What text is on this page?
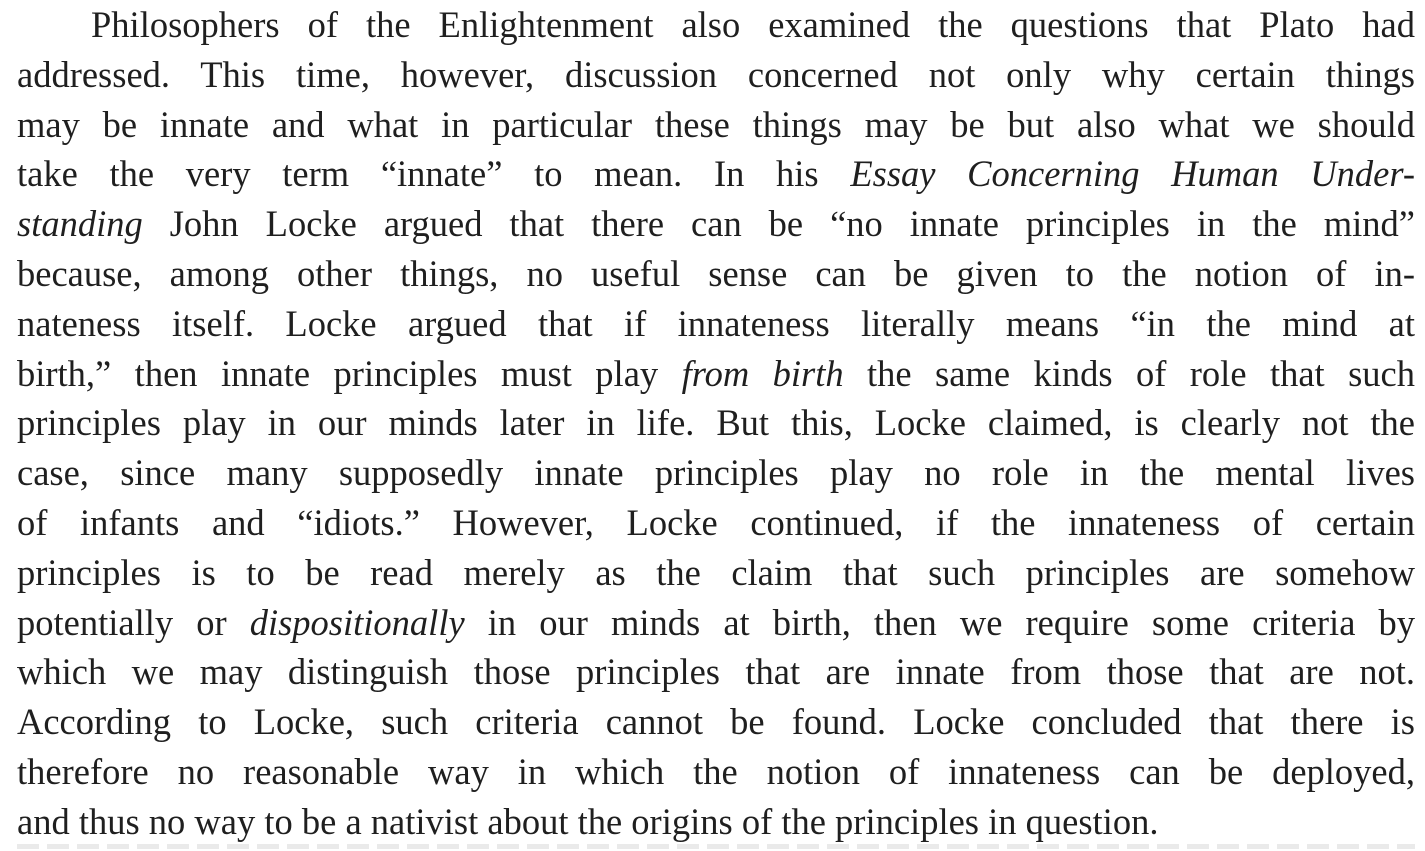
Philosophers of the Enlightenment also examined the questions that Plato had
addressed. This time, however, discussion concerned not only why certain things
may be innate and what in particular these things may be but also what we should
take the very term “innate” to mean. In his Essay Concerning Human Under-
standing John Locke argued that there can be “no innate principles in the mind”
because, among other things, no useful sense can be given to the notion of in-
nateness itself. Locke argued that if innateness literally means “in the mind at
birth,” then innate principles must play from birth the same kinds of role that such
principles play in our minds later in life. But this, Locke claimed, is clearly not the
case, since many supposedly innate principles play no role in the mental lives
of infants and “idiots.” However, Locke continued, if the innateness of certain
principles is to be read merely as the claim that such principles are somehow
potentially or dispositionally in our minds at birth, then we require some criteria by
which we may distinguish those principles that are innate from those that are not.
According to Locke, such criteria cannot be found. Locke concluded that there is
therefore no reasonable way in which the notion of innateness can be deployed,
and thus no way to be a nativist about the origins of the principles in question.
